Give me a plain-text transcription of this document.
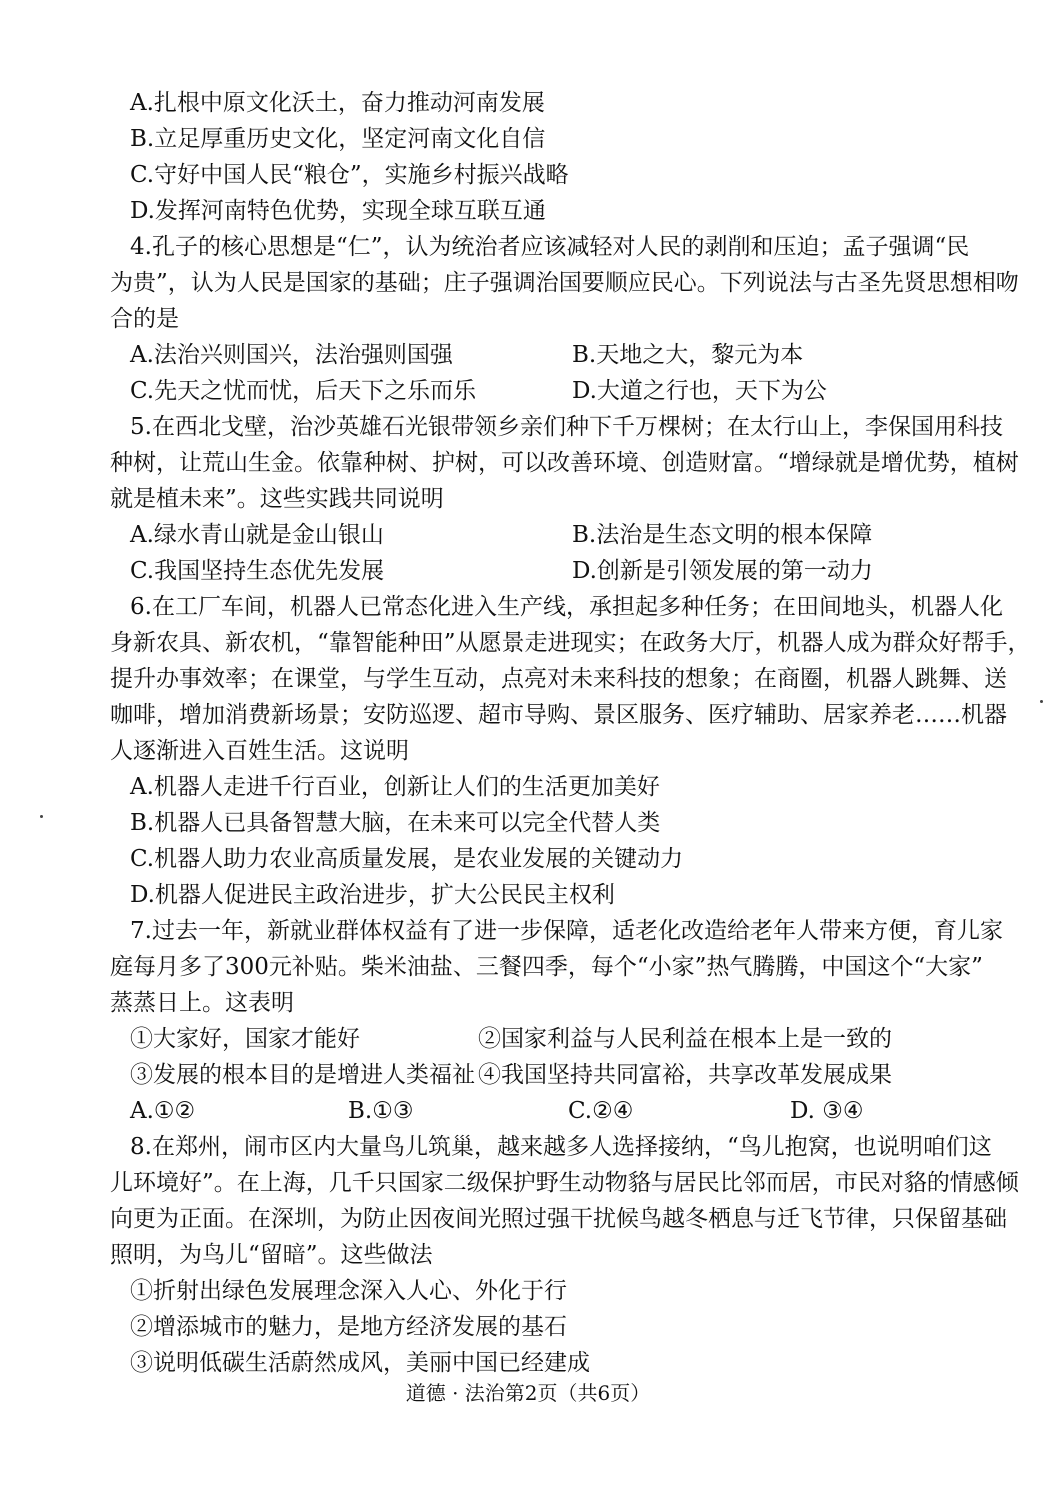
A.扎根中原文化沃土，奋力推动河南发展
B.立足厚重历史文化，坚定河南文化自信
C.守好中国人民“粮仓”，实施乡村振兴战略
D.发挥河南特色优势，实现全球互联互通
4.孔子的核心思想是“仁”，认为统治者应该减轻对人民的剥削和压迫；孟子强调“民
为贵”，认为人民是国家的基础；庄子强调治国要顺应民心。下列说法与古圣先贤思想相吻
合的是
A.法治兴则国兴，法治强则国强	B.天地之大，黎元为本
C.先天之忧而忧，后天下之乐而乐	D.大道之行也，天下为公
5.在西北戈壁，治沙英雄石光银带领乡亲们种下千万棵树；在太行山上，李保国用科技
种树，让荒山生金。依靠种树、护树，可以改善环境、创造财富。“增绿就是增优势，植树
就是植未来”。这些实践共同说明
A.绿水青山就是金山银山	B.法治是生态文明的根本保障
C.我国坚持生态优先发展	D.创新是引领发展的第一动力
6.在工厂车间，机器人已常态化进入生产线，承担起多种任务；在田间地头，机器人化
身新农具、新农机，“靠智能种田”从愿景走进现实；在政务大厅，机器人成为群众好帮手，
提升办事效率；在课堂，与学生互动，点亮对未来科技的想象；在商圈，机器人跳舞、送
咖啡，增加消费新场景；安防巡逻、超市导购、景区服务、医疗辅助、居家养老……机器
人逐渐进入百姓生活。这说明
A.机器人走进千行百业，创新让人们的生活更加美好
B.机器人已具备智慧大脑，在未来可以完全代替人类
C.机器人助力农业高质量发展，是农业发展的关键动力
D.机器人促进民主政治进步，扩大公民民主权利
7.过去一年，新就业群体权益有了进一步保障，适老化改造给老年人带来方便，育儿家
庭每月多了300元补贴。柴米油盐、三餐四季，每个“小家”热气腾腾，中国这个“大家”
蒸蒸日上。这表明
①大家好，国家才能好	②国家利益与人民利益在根本上是一致的
③发展的根本目的是增进人类福祉 ④我国坚持共同富裕，共享改革发展成果
A.①②	B.①③	C.②④	D. ③④
8.在郑州，闹市区内大量鸟儿筑巢，越来越多人选择接纳，“鸟儿抱窝，也说明咱们这
儿环境好”。在上海，几千只国家二级保护野生动物貉与居民比邻而居，市民对貉的情感倾
向更为正面。在深圳，为防止因夜间光照过强干扰候鸟越冬栖息与迁飞节律，只保留基础
照明，为鸟儿“留暗”。这些做法
①折射出绿色发展理念深入人心、外化于行
②增添城市的魅力，是地方经济发展的基石
③说明低碳生活蔚然成风，美丽中国已经建成
道德 · 法治第2页（共6页）
